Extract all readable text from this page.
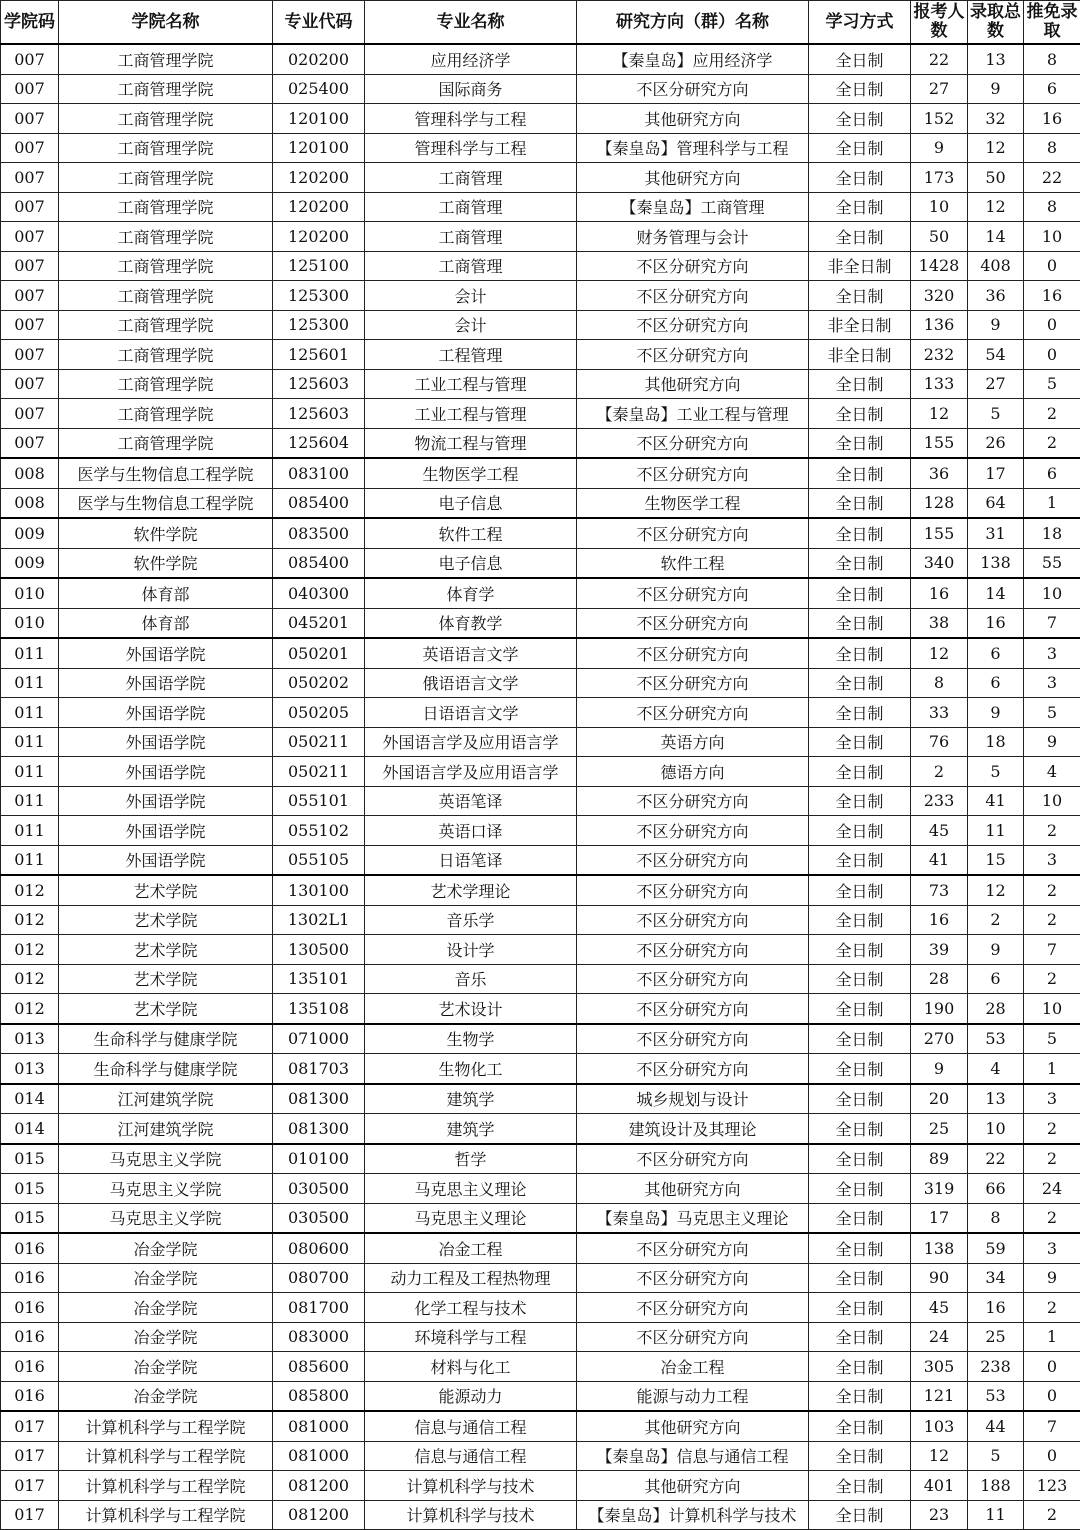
学院码	学院名称	专业代码	专业名称	研究方向（群）名称	学习方式	报考人数	录取总数	推免录取
007	工商管理学院	020200	应用经济学	【秦皇岛】应用经济学	全日制	22	13	8
007	工商管理学院	025400	国际商务	不区分研究方向	全日制	27	9	6
007	工商管理学院	120100	管理科学与工程	其他研究方向	全日制	152	32	16
007	工商管理学院	120100	管理科学与工程	【秦皇岛】管理科学与工程	全日制	9	12	8
007	工商管理学院	120200	工商管理	其他研究方向	全日制	173	50	22
007	工商管理学院	120200	工商管理	【秦皇岛】工商管理	全日制	10	12	8
007	工商管理学院	120200	工商管理	财务管理与会计	全日制	50	14	10
007	工商管理学院	125100	工商管理	不区分研究方向	非全日制	1428	408	0
007	工商管理学院	125300	会计	不区分研究方向	全日制	320	36	16
007	工商管理学院	125300	会计	不区分研究方向	非全日制	136	9	0
007	工商管理学院	125601	工程管理	不区分研究方向	非全日制	232	54	0
007	工商管理学院	125603	工业工程与管理	其他研究方向	全日制	133	27	5
007	工商管理学院	125603	工业工程与管理	【秦皇岛】工业工程与管理	全日制	12	5	2
007	工商管理学院	125604	物流工程与管理	不区分研究方向	全日制	155	26	2
008	医学与生物信息工程学院	083100	生物医学工程	不区分研究方向	全日制	36	17	6
008	医学与生物信息工程学院	085400	电子信息	生物医学工程	全日制	128	64	1
009	软件学院	083500	软件工程	不区分研究方向	全日制	155	31	18
009	软件学院	085400	电子信息	软件工程	全日制	340	138	55
010	体育部	040300	体育学	不区分研究方向	全日制	16	14	10
010	体育部	045201	体育教学	不区分研究方向	全日制	38	16	7
011	外国语学院	050201	英语语言文学	不区分研究方向	全日制	12	6	3
011	外国语学院	050202	俄语语言文学	不区分研究方向	全日制	8	6	3
011	外国语学院	050205	日语语言文学	不区分研究方向	全日制	33	9	5
011	外国语学院	050211	外国语言学及应用语言学	英语方向	全日制	76	18	9
011	外国语学院	050211	外国语言学及应用语言学	德语方向	全日制	2	5	4
011	外国语学院	055101	英语笔译	不区分研究方向	全日制	233	41	10
011	外国语学院	055102	英语口译	不区分研究方向	全日制	45	11	2
011	外国语学院	055105	日语笔译	不区分研究方向	全日制	41	15	3
012	艺术学院	130100	艺术学理论	不区分研究方向	全日制	73	12	2
012	艺术学院	1302L1	音乐学	不区分研究方向	全日制	16	2	2
012	艺术学院	130500	设计学	不区分研究方向	全日制	39	9	7
012	艺术学院	135101	音乐	不区分研究方向	全日制	28	6	2
012	艺术学院	135108	艺术设计	不区分研究方向	全日制	190	28	10
013	生命科学与健康学院	071000	生物学	不区分研究方向	全日制	270	53	5
013	生命科学与健康学院	081703	生物化工	不区分研究方向	全日制	9	4	1
014	江河建筑学院	081300	建筑学	城乡规划与设计	全日制	20	13	3
014	江河建筑学院	081300	建筑学	建筑设计及其理论	全日制	25	10	2
015	马克思主义学院	010100	哲学	不区分研究方向	全日制	89	22	2
015	马克思主义学院	030500	马克思主义理论	其他研究方向	全日制	319	66	24
015	马克思主义学院	030500	马克思主义理论	【秦皇岛】马克思主义理论	全日制	17	8	2
016	冶金学院	080600	冶金工程	不区分研究方向	全日制	138	59	3
016	冶金学院	080700	动力工程及工程热物理	不区分研究方向	全日制	90	34	9
016	冶金学院	081700	化学工程与技术	不区分研究方向	全日制	45	16	2
016	冶金学院	083000	环境科学与工程	不区分研究方向	全日制	24	25	1
016	冶金学院	085600	材料与化工	冶金工程	全日制	305	238	0
016	冶金学院	085800	能源动力	能源与动力工程	全日制	121	53	0
017	计算机科学与工程学院	081000	信息与通信工程	其他研究方向	全日制	103	44	7
017	计算机科学与工程学院	081000	信息与通信工程	【秦皇岛】信息与通信工程	全日制	12	5	0
017	计算机科学与工程学院	081200	计算机科学与技术	其他研究方向	全日制	401	188	123
017	计算机科学与工程学院	081200	计算机科学与技术	【秦皇岛】计算机科学与技术	全日制	23	11	2
